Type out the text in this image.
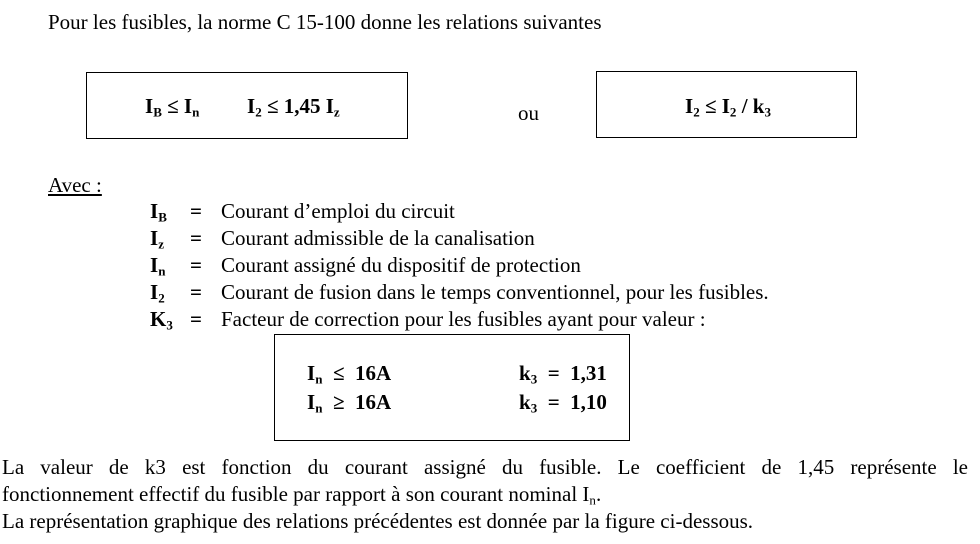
Pour les fusibles, la norme C 15-100 donne les relations suivantes
$I_B \le I_n$ $I_2 \le 1,45$ $I_z$	ou	$I_2 \le I_2 / k_3$
Avec :
$I_B$	= Courant d’emploi du circuit
$I_z$	= Courant admissible de la canalisation
$I_n$	= Courant assigné du dispositif de protection
$I_2$	= Courant de fusion dans le temps conventionnel, pour les fusibles.
$K_3$ = Facteur de correction pour les fusibles ayant pour valeur :
$I_n \le 16A$	$k_3 = 1,31$
$I_n \ge 16A$	$k_3 = 1,10$
La valeur de k3 est fonction du courant assigné du fusible. Le coefficient de 1,45 représente le
fonctionnement effectif du fusible par rapport à son courant nominal $I_n$.
La représentation graphique des relations précédentes est donnée par la figure ci-dessous.
